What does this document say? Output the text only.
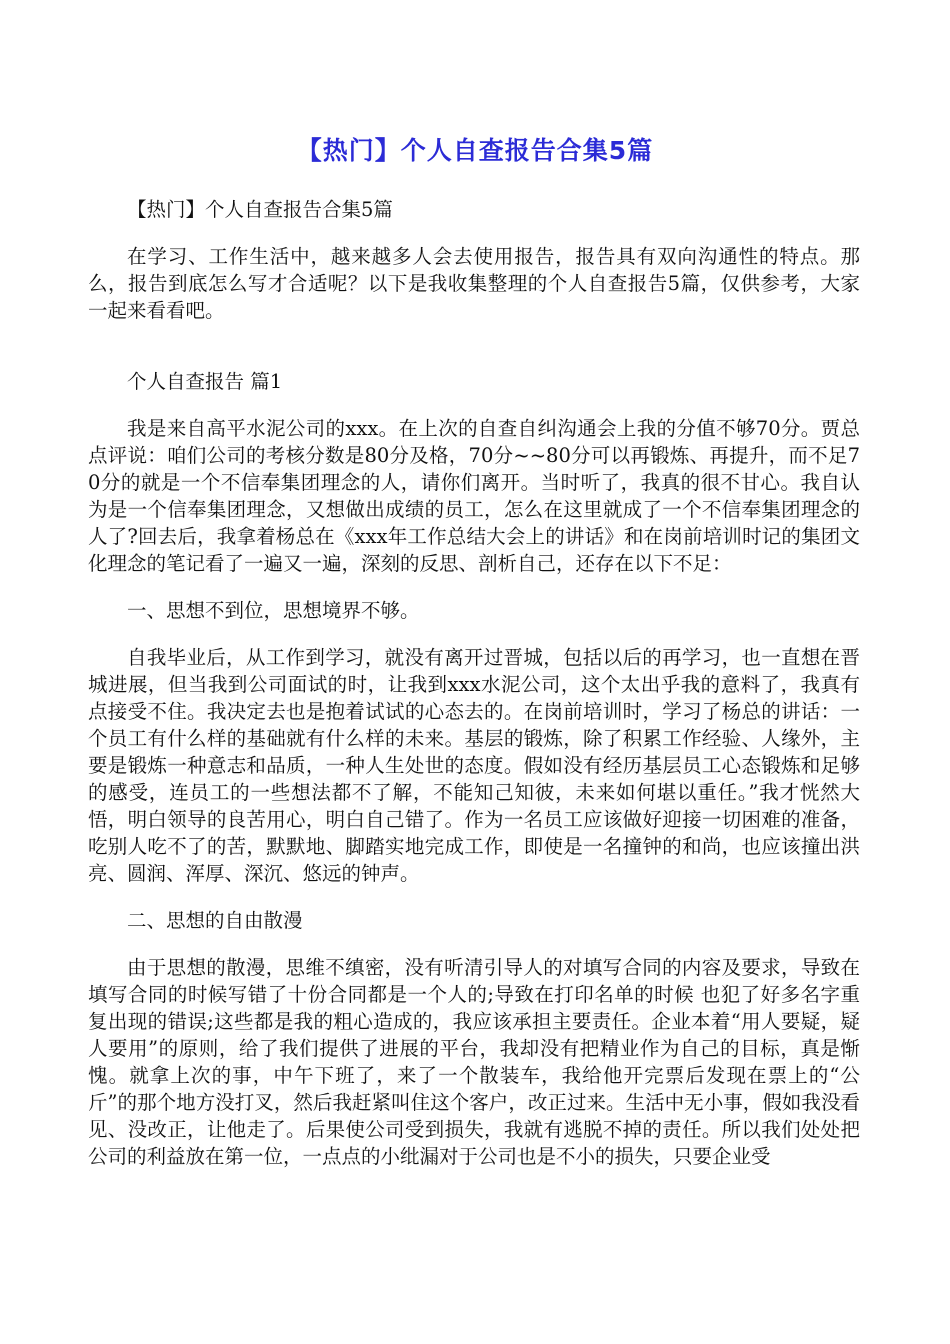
【热门】个人自查报告合集5篇

【热门】个人自查报告合集5篇

在学习、工作生活中，越来越多人会去使用报告，报告具有双向沟通性的特点。那么，报告到底怎么写才合适呢？以下是我收集整理的个人自查报告5篇，仅供参考，大家一起来看看吧。

个人自查报告 篇1

我是来自高平水泥公司的xxx。在上次的自查自纠沟通会上我的分值不够70分。贾总点评说：咱们公司的考核分数是80分及格，70分~~80分可以再锻炼、再提升，而不足70分的就是一个不信奉集团理念的人，请你们离开。当时听了，我真的很不甘心。我自认为是一个信奉集团理念，又想做出成绩的员工，怎么在这里就成了一个不信奉集团理念的人了?回去后，我拿着杨总在《xxx年工作总结大会上的讲话》和在岗前培训时记的集团文化理念的笔记看了一遍又一遍，深刻的反思、剖析自己，还存在以下不足：

一、思想不到位，思想境界不够。

自我毕业后，从工作到学习，就没有离开过晋城，包括以后的再学习，也一直想在晋城进展，但当我到公司面试的时，让我到xxx水泥公司，这个太出乎我的意料了，我真有点接受不住。我决定去也是抱着试试的心态去的。在岗前培训时，学习了杨总的讲话：一个员工有什么样的基础就有什么样的未来。基层的锻炼，除了积累工作经验、人缘外，主要是锻炼一种意志和品质，一种人生处世的态度。假如没有经历基层员工心态锻炼和足够的感受，连员工的一些想法都不了解，不能知己知彼，未来如何堪以重任。”我才恍然大悟，明白领导的良苦用心，明白自己错了。作为一名员工应该做好迎接一切困难的准备，吃别人吃不了的苦，默默地、脚踏实地完成工作，即使是一名撞钟的和尚，也应该撞出洪亮、圆润、浑厚、深沉、悠远的钟声。

二、思想的自由散漫

由于思想的散漫，思维不缜密，没有听清引导人的对填写合同的内容及要求，导致在填写合同的时候写错了十份合同都是一个人的;导致在打印名单的时候 也犯了好多名字重复出现的错误;这些都是我的粗心造成的，我应该承担主要责任。企业本着“用人要疑，疑人要用”的原则，给了我们提供了进展的平台，我却没有把精业作为自己的目标，真是惭愧。就拿上次的事，中午下班了，来了一个散装车，我给他开完票后发现在票上的“公斤”的那个地方没打叉，然后我赶紧叫住这个客户，改正过来。生活中无小事，假如我没看见、没改正，让他走了。后果使公司受到损失，我就有逃脱不掉的责任。所以我们处处把公司的利益放在第一位，一点点的小纰漏对于公司也是不小的损失，只要企业受
